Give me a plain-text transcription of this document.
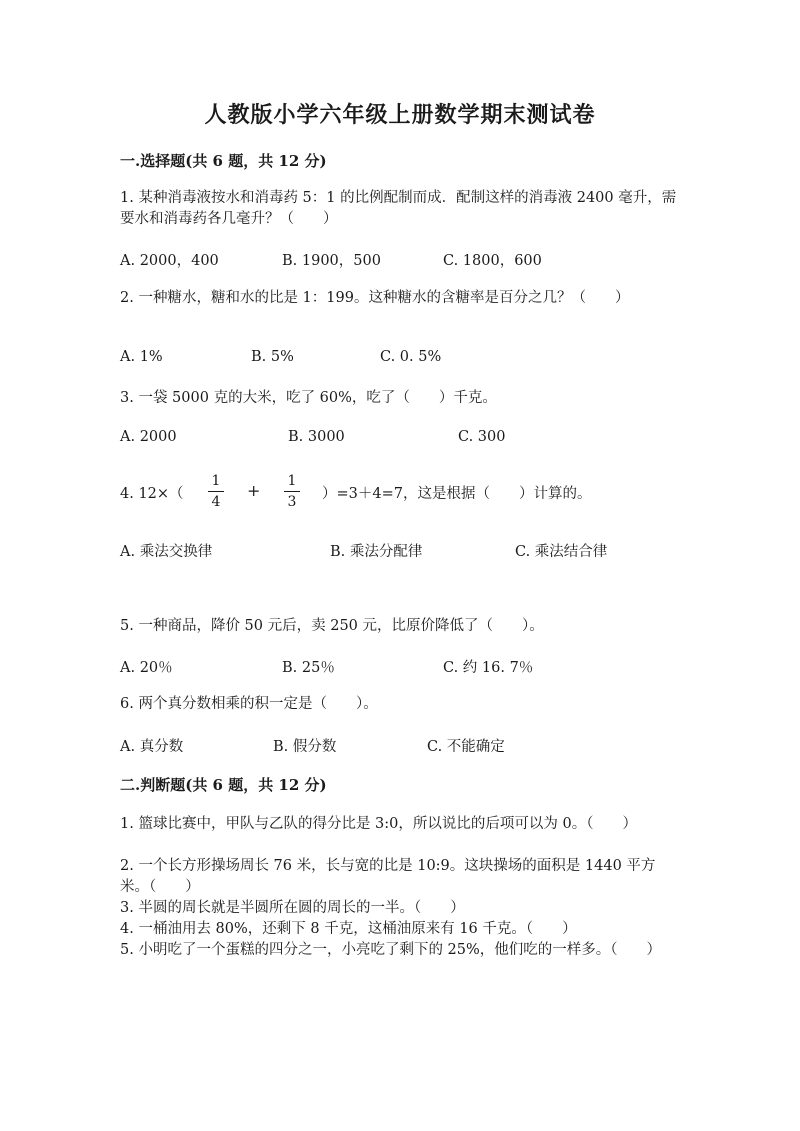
人教版小学六年级上册数学期末测试卷
一.选择题(共 6 题，共 12 分)
1. 某种消毒液按水和消毒药 5：1 的比例配制而成．配制这样的消毒液 2400 毫升，需要水和消毒药各几毫升？（　　）
A. 2000，400	B. 1900，500	C. 1800，600
2. 一种糖水，糖和水的比是 1：199。这种糖水的含糖率是百分之几？（　　）
A. 1%	B. 5%	C. 0. 5%
3. 一袋 5000 克的大米，吃了 60%，吃了（　　）千克。
A. 2000	B. 3000	C. 300
4. 12×（
1
4
+ 1
3 ）=3＋4=7，这是根据（　　）计算的。
A. 乘法交换律	B. 乘法分配律	C. 乘法结合律
5. 一种商品，降价 50 元后，卖 250 元，比原价降低了（　　）。
A. 20％	B. 25％	C. 约 16. 7％
6. 两个真分数相乘的积一定是（　　）。
A. 真分数	B. 假分数	C. 不能确定
二.判断题(共 6 题，共 12 分)
1. 篮球比赛中，甲队与乙队的得分比是 3:0，所以说比的后项可以为 0。（　　）
2. 一个长方形操场周长 76 米，长与宽的比是 10:9。这块操场的面积是 1440 平方米。（　　）
3. 半圆的周长就是半圆所在圆的周长的一半。（　　）
4. 一桶油用去 80%，还剩下 8 千克，这桶油原来有 16 千克。（　　）
5. 小明吃了一个蛋糕的四分之一，小亮吃了剩下的 25%，他们吃的一样多。（　　）
